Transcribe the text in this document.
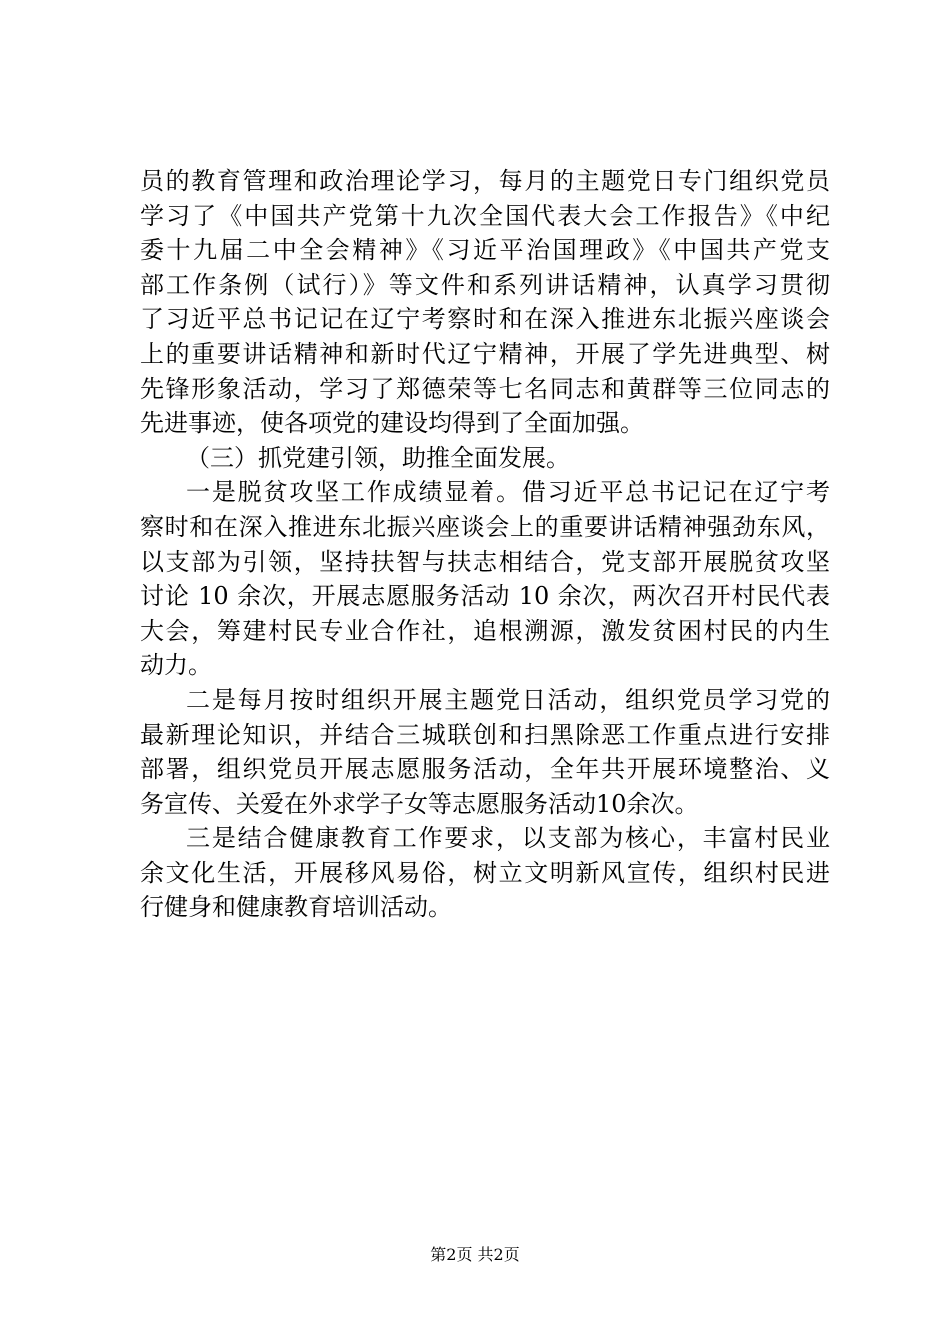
员的教育管理和政治理论学习，每月的主题党日专门组织党员
学习了《中国共产党第十九次全国代表大会工作报告》《中纪
委十九届二中全会精神》《习近平治国理政》《中国共产党支
部工作条例（试行）》等文件和系列讲话精神，认真学习贯彻
了习近平总书记记在辽宁考察时和在深入推进东北振兴座谈会
上的重要讲话精神和新时代辽宁精神，开展了学先进典型、树
先锋形象活动，学习了郑德荣等七名同志和黄群等三位同志的
先进事迹，使各项党的建设均得到了全面加强。
（三）抓党建引领，助推全面发展。
一是脱贫攻坚工作成绩显着。借习近平总书记记在辽宁考
察时和在深入推进东北振兴座谈会上的重要讲话精神强劲东风，
以支部为引领，坚持扶智与扶志相结合，党支部开展脱贫攻坚
讨论 10 余次，开展志愿服务活动 10 余次，两次召开村民代表
大会，筹建村民专业合作社，追根溯源，激发贫困村民的内生
动力。
二是每月按时组织开展主题党日活动，组织党员学习党的
最新理论知识，并结合三城联创和扫黑除恶工作重点进行安排
部署，组织党员开展志愿服务活动，全年共开展环境整治、义
务宣传、关爱在外求学子女等志愿服务活动10余次。
三是结合健康教育工作要求，以支部为核心，丰富村民业
余文化生活，开展移风易俗，树立文明新风宣传，组织村民进
行健身和健康教育培训活动。
第2页 共2页
